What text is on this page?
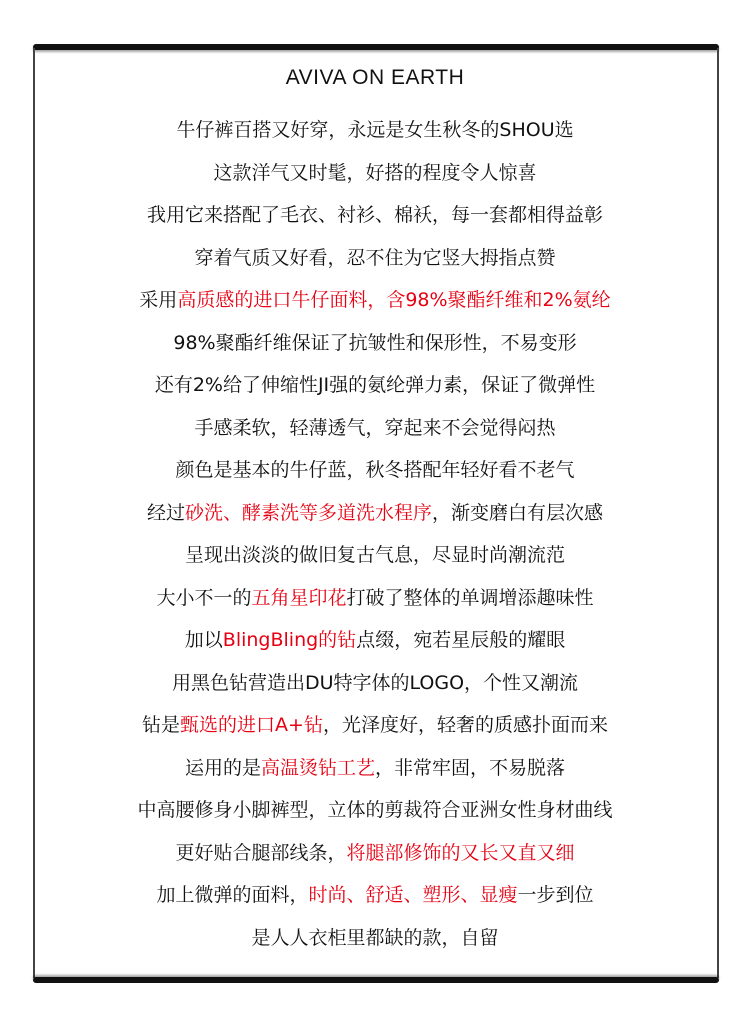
AVIVA ON EARTH
牛仔裤百搭又好穿，永远是女生秋冬的SHOU选
这款洋气又时髦，好搭的程度令人惊喜
我用它来搭配了毛衣、衬衫、棉袄，每一套都相得益彰
穿着气质又好看，忍不住为它竖大拇指点赞
采用高质感的进口牛仔面料，含98%聚酯纤维和2%氨纶
98%聚酯纤维保证了抗皱性和保形性，不易变形
还有2%给了伸缩性JI强的氨纶弹力素，保证了微弹性
手感柔软，轻薄透气，穿起来不会觉得闷热
颜色是基本的牛仔蓝，秋冬搭配年轻好看不老气
经过砂洗、酵素洗等多道洗水程序，渐变磨白有层次感
呈现出淡淡的做旧复古气息，尽显时尚潮流范
大小不一的五角星印花打破了整体的单调增添趣味性
加以BlingBling的钻点缀，宛若星辰般的耀眼
用黑色钻营造出DU特字体的LOGO，个性又潮流
钻是甄选的进口A+钻，光泽度好，轻奢的质感扑面而来
运用的是高温烫钻工艺，非常牢固，不易脱落
中高腰修身小脚裤型，立体的剪裁符合亚洲女性身材曲线
更好贴合腿部线条，将腿部修饰的又长又直又细
加上微弹的面料，时尚、舒适、塑形、显瘦一步到位
是人人衣柜里都缺的款，自留
